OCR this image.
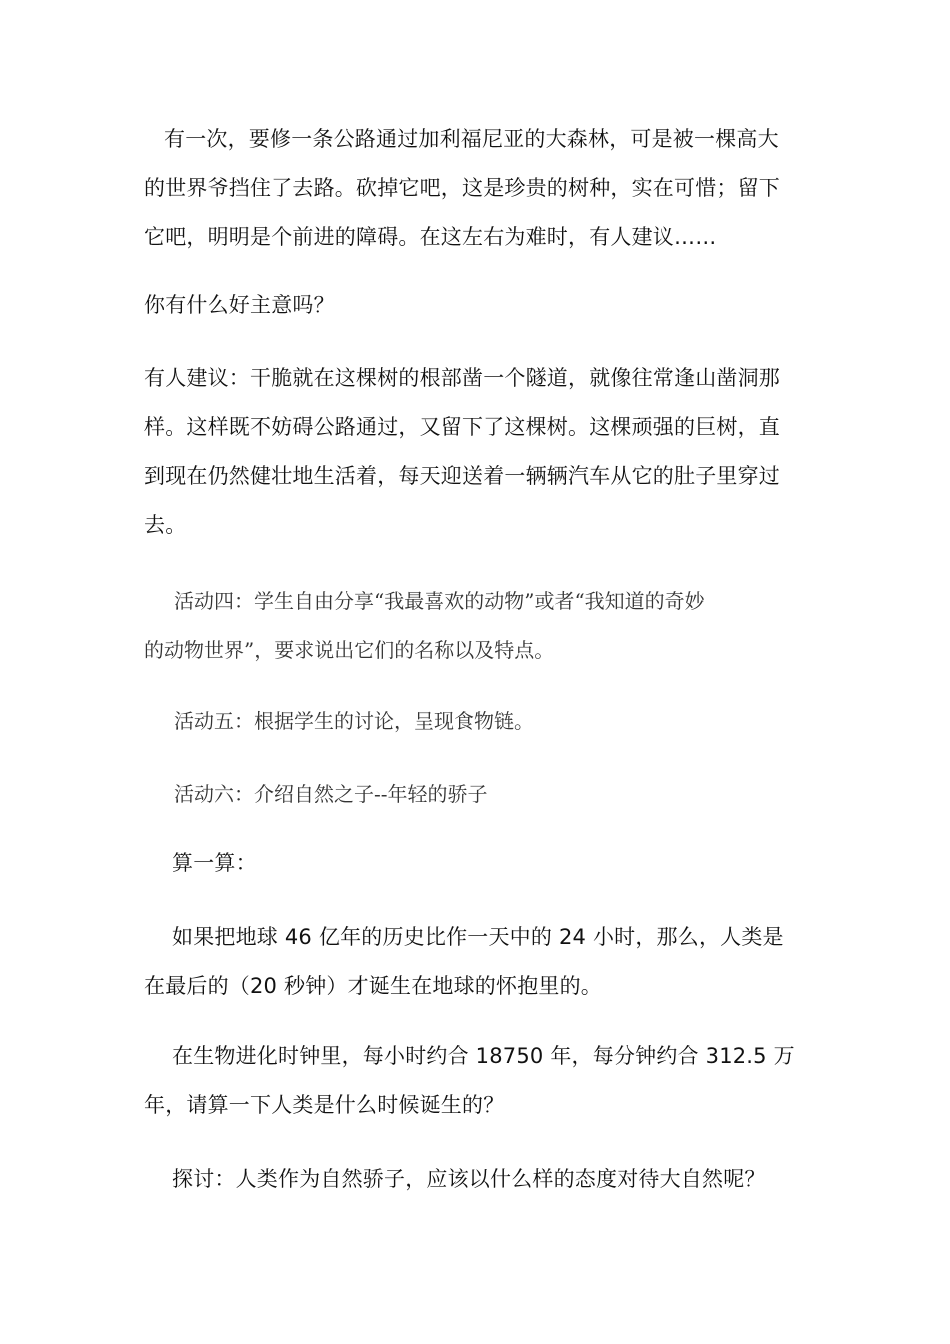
有一次，要修一条公路通过加利福尼亚的大森林，可是被一棵高大
的世界爷挡住了去路。砍掉它吧，这是珍贵的树种，实在可惜；留下
它吧，明明是个前进的障碍。在这左右为难时，有人建议……
你有什么好主意吗？
有人建议：干脆就在这棵树的根部凿一个隧道，就像往常逢山凿洞那
样。这样既不妨碍公路通过，又留下了这棵树。这棵顽强的巨树，直
到现在仍然健壮地生活着，每天迎送着一辆辆汽车从它的肚子里穿过
去。
活动四：学生自由分享“我最喜欢的动物”或者“我知道的奇妙
的动物世界”，要求说出它们的名称以及特点。
活动五：根据学生的讨论，呈现食物链。
活动六：介绍自然之子--年轻的骄子
算一算：
如果把地球 46 亿年的历史比作一天中的 24 小时，那么，人类是
在最后的（20 秒钟）才诞生在地球的怀抱里的。
在生物进化时钟里，每小时约合 18750 年，每分钟约合 312.5 万
年，请算一下人类是什么时候诞生的？
探讨：人类作为自然骄子，应该以什么样的态度对待大自然呢？
